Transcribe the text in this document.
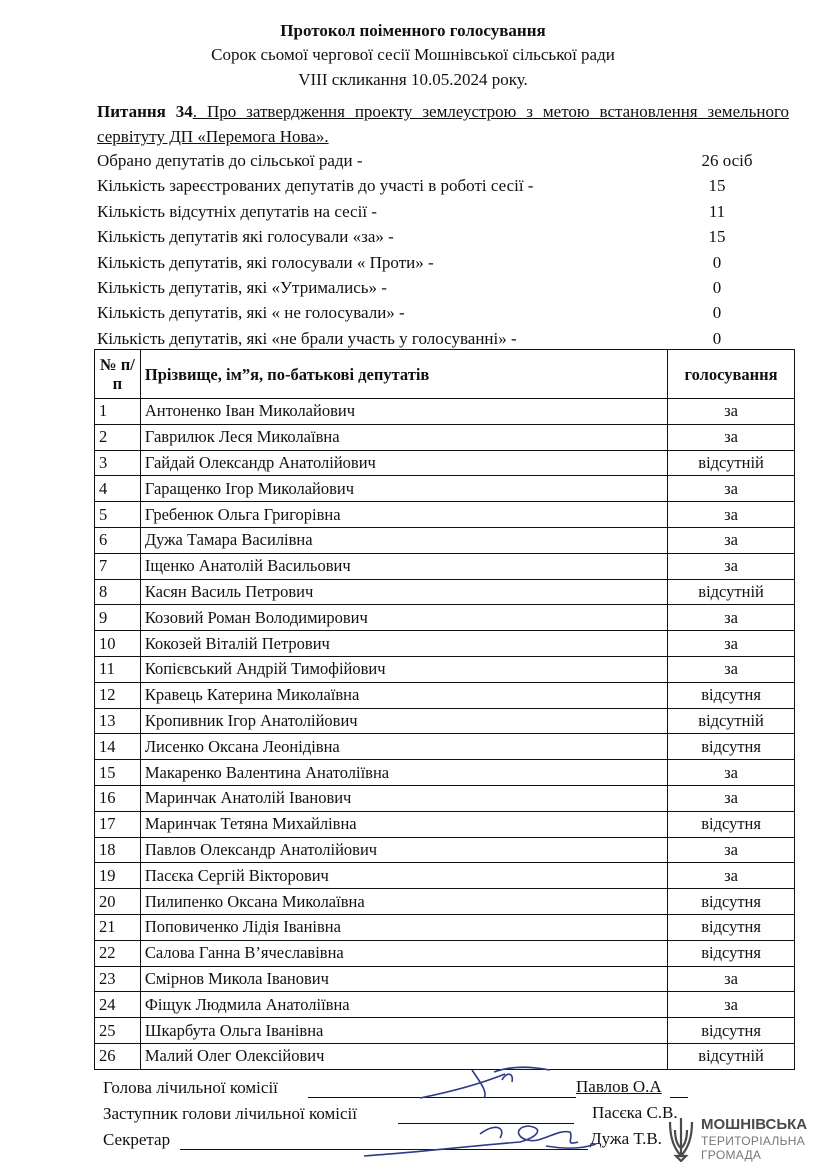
Протокол поіменного голосування
Сорок сьомої чергової сесії Мошнівської сільської ради
VIII скликання 10.05.2024 року.
Питання 34. Про затвердження проекту землеустрою з метою встановлення земельного сервітуту ДП «Перемога Нова».
Обрано депутатів до сільської ради -	26 осіб
Кількість зареєстрованих депутатів до участі в роботі сесії -	15
Кількість відсутніх депутатів на сесії -	11
Кількість депутатів які голосували «за» -	15
Кількість депутатів, які голосували « Проти» -	0
Кількість депутатів, які «Утримались» -	0
Кількість депутатів, які « не голосували» -	0
Кількість депутатів, які «не брали участь у голосуванні» -	0
№ п/п	Прізвище, ім”я, по-батькові депутатів	голосування
1	Антоненко Іван Миколайович	за
2	Гаврилюк Леся Миколаївна	за
3	Гайдай Олександр Анатолійович	відсутній
4	Гаращенко Ігор Миколайович	за
5	Гребенюк Ольга Григорівна	за
6	Дужа Тамара Василівна	за
7	Іщенко Анатолій Васильович	за
8	Касян Василь Петрович	відсутній
9	Козовий Роман Володимирович	за
10	Кокозей Віталій Петрович	за
11	Копієвський Андрій Тимофійович	за
12	Кравець Катерина Миколаївна	відсутня
13	Кропивник Ігор Анатолійович	відсутній
14	Лисенко Оксана Леонідівна	відсутня
15	Макаренко Валентина Анатоліївна	за
16	Маринчак Анатолій Іванович	за
17	Маринчак Тетяна Михайлівна	відсутня
18	Павлов Олександр Анатолійович	за
19	Пасєка Сергій Вікторович	за
20	Пилипенко Оксана Миколаївна	відсутня
21	Поповиченко Лідія Іванівна	відсутня
22	Салова Ганна В’ячеславівна	відсутня
23	Смірнов Микола Іванович	за
24	Фіщук Людмила Анатоліївна	за
25	Шкарбута Ольга Іванівна	відсутня
26	Малий Олег Олексійович	відсутній
Голова лічильної комісії	Павлов О.А
Заступник голови лічильної комісії	Пасєка С.В.
Секретар	Дужа Т.В.
МОШНІВСЬКА
ТЕРИТОРІАЛЬНА
ГРОМАДА
